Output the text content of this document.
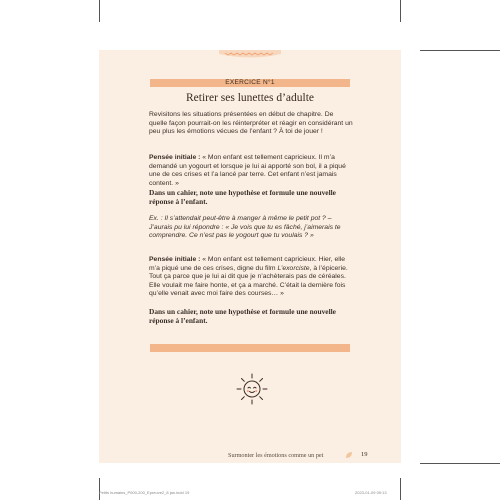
EXERCICE N°1
Retirer ses lunettes d’adulte
Revisitons les situations présentées en début de chapitre. De quelle façon pourrait-on les réinterpréter et réagir en considérant un peu plus les émotions vécues de l’enfant ? À toi de jouer !
Pensée initiale : « Mon enfant est tellement capricieux. Il m’a demandé un yogourt et lorsque je lui ai apporté son bol, il a piqué une de ces crises et l’a lancé par terre. Cet enfant n’est jamais content. »
Dans un cahier, note une hypothèse et formule une nouvelle réponse à l’enfant.
Ex. : Il s’attendait peut-être à manger à même le petit pot ? – J’aurais pu lui répondre : « Je vois que tu es fâché, j’aimerais te comprendre. Ce n’est pas le yogourt que tu voulais ? »
Pensée initiale : « Mon enfant est tellement capricieux. Hier, elle m’a piqué une de ces crises, digne du film L’exorciste, à l’épicerie. Tout ça parce que je lui ai dit que je n’achèterais pas de céréales. Elle voulait me faire honte, et ça a marché. C’était la dernière fois qu’elle venait avec moi faire des courses… »
Dans un cahier, note une hypothèse et formule une nouvelle réponse à l’enfant.
Surmonter les émotions comme un pet	19
Petits humains_P000-200_Epreuve2_8 jan.indd 19	2023-01-09 09:13
